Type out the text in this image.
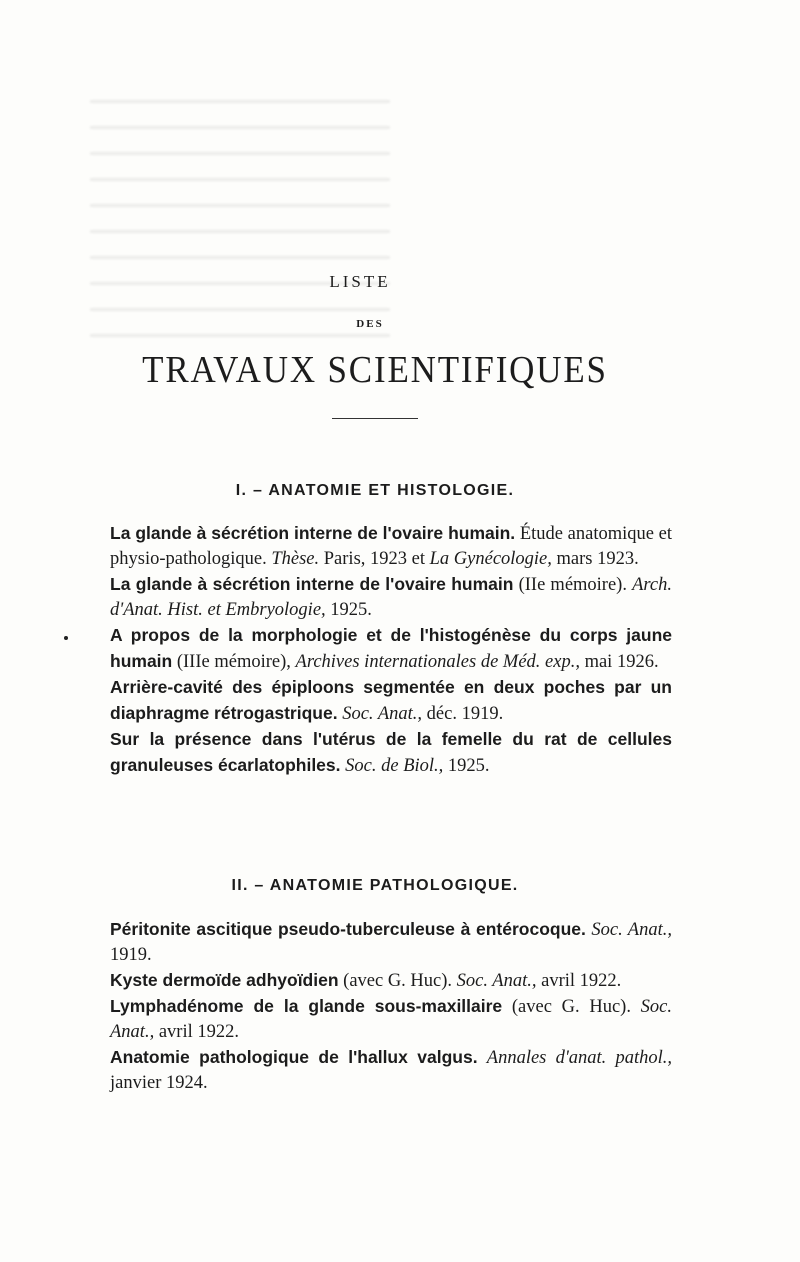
LISTE
DES
TRAVAUX SCIENTIFIQUES
I. – ANATOMIE ET HISTOLOGIE.

La glande à sécrétion interne de l'ovaire humain. Étude anatomique et physio-pathologique. Thèse. Paris, 1923 et La Gynécologie, mars 1923.

La glande à sécrétion interne de l'ovaire humain (IIe mémoire). Arch. d'Anat. Hist. et Embryologie, 1925.

A propos de la morphologie et de l'histogénèse du corps jaune humain (IIIe mémoire), Archives internationales de Méd. exp., mai 1926.

Arrière-cavité des épiploons segmentée en deux poches par un diaphragme rétrogastrique. Soc. Anat., déc. 1919.

Sur la présence dans l'utérus de la femelle du rat de cellules granuleuses écarlatophiles. Soc. de Biol., 1925.

II. – ANATOMIE PATHOLOGIQUE.

Péritonite ascitique pseudo-tuberculeuse à entérocoque. Soc. Anat., 1919.

Kyste dermoïde adhyoïdien (avec G. Huc). Soc. Anat., avril 1922.

Lymphadénome de la glande sous-maxillaire (avec G. Huc). Soc. Anat., avril 1922.

Anatomie pathologique de l'hallux valgus. Annales d'anat. pathol., janvier 1924.
